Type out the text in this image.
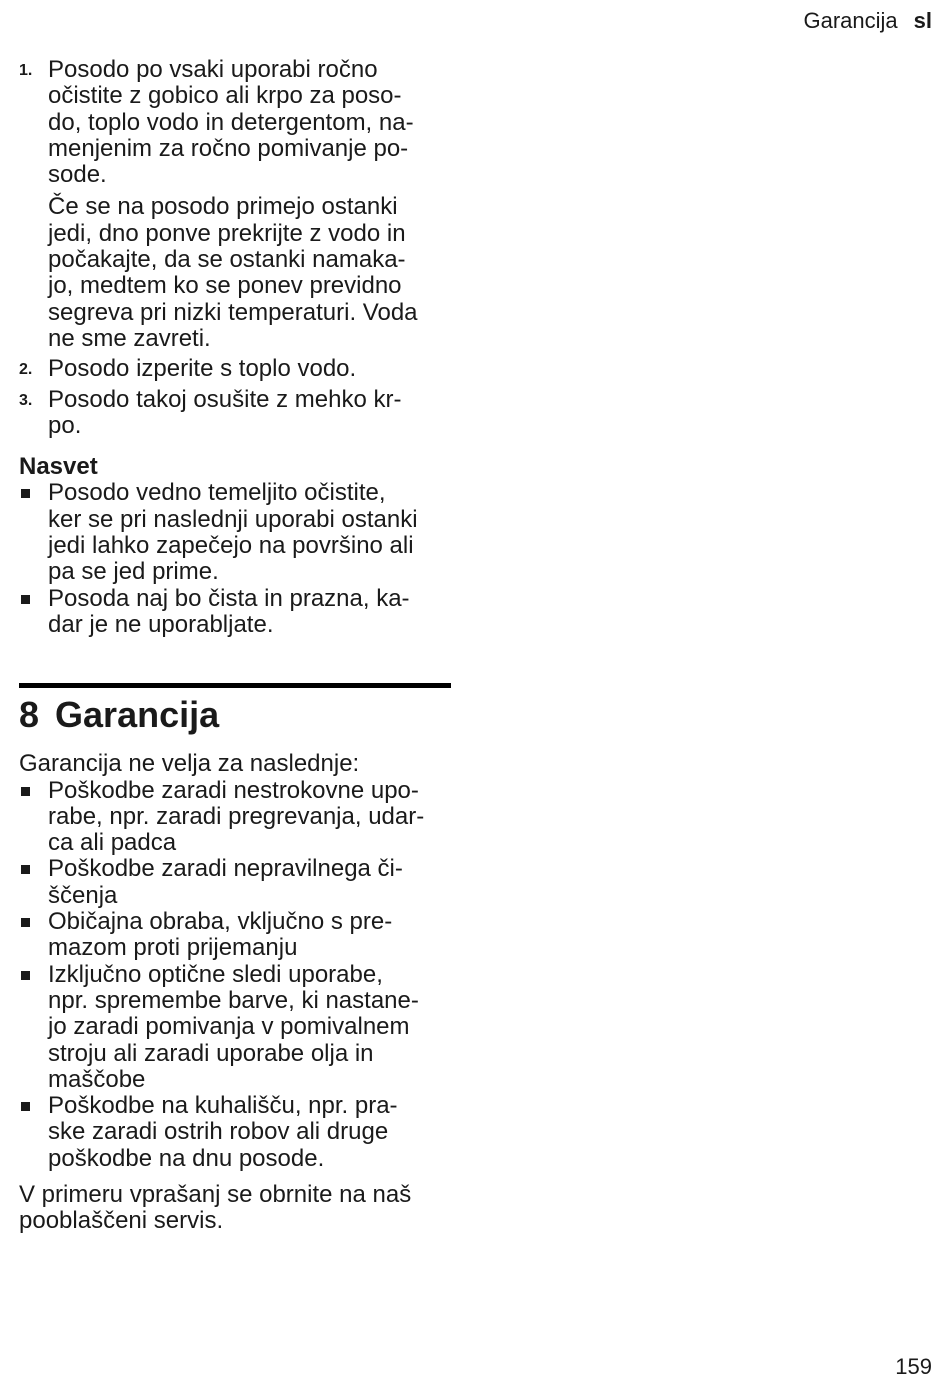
Garancija sl
1. Posodo po vsaki uporabi ročno
očistite z gobico ali krpo za poso-
do, toplo vodo in detergentom, na-
menjenim za ročno pomivanje po-
sode.

Če se na posodo primejo ostanki
jedi, dno ponve prekrijte z vodo in
počakajte, da se ostanki namaka-
jo, medtem ko se ponev previdno
segreva pri nizki temperaturi. Voda
ne sme zavreti.

2. Posodo izperite s toplo vodo.

3. Posodo takoj osušite z mehko kr-
po.

Nasvet
Posodo vedno temeljito očistite,
ker se pri naslednji uporabi ostanki
jedi lahko zapečejo na površino ali
pa se jed prime.
Posoda naj bo čista in prazna, ka-
dar je ne uporabljate.
8 Garancija

Garancija ne velja za naslednje:

Poškodbe zaradi nestrokovne upo-
rabe, npr. zaradi pregrevanja, udar-
ca ali padca
Poškodbe zaradi nepravilnega či-
ščenja
Običajna obraba, vključno s pre-
mazom proti prijemanju
Izključno optične sledi uporabe,
npr. spremembe barve, ki nastane-
jo zaradi pomivanja v pomivalnem
stroju ali zaradi uporabe olja in
maščobe
Poškodbe na kuhališču, npr. pra-
ske zaradi ostrih robov ali druge
poškodbe na dnu posode.

V primeru vprašanj se obrnite na naš
pooblaščeni servis.

159
